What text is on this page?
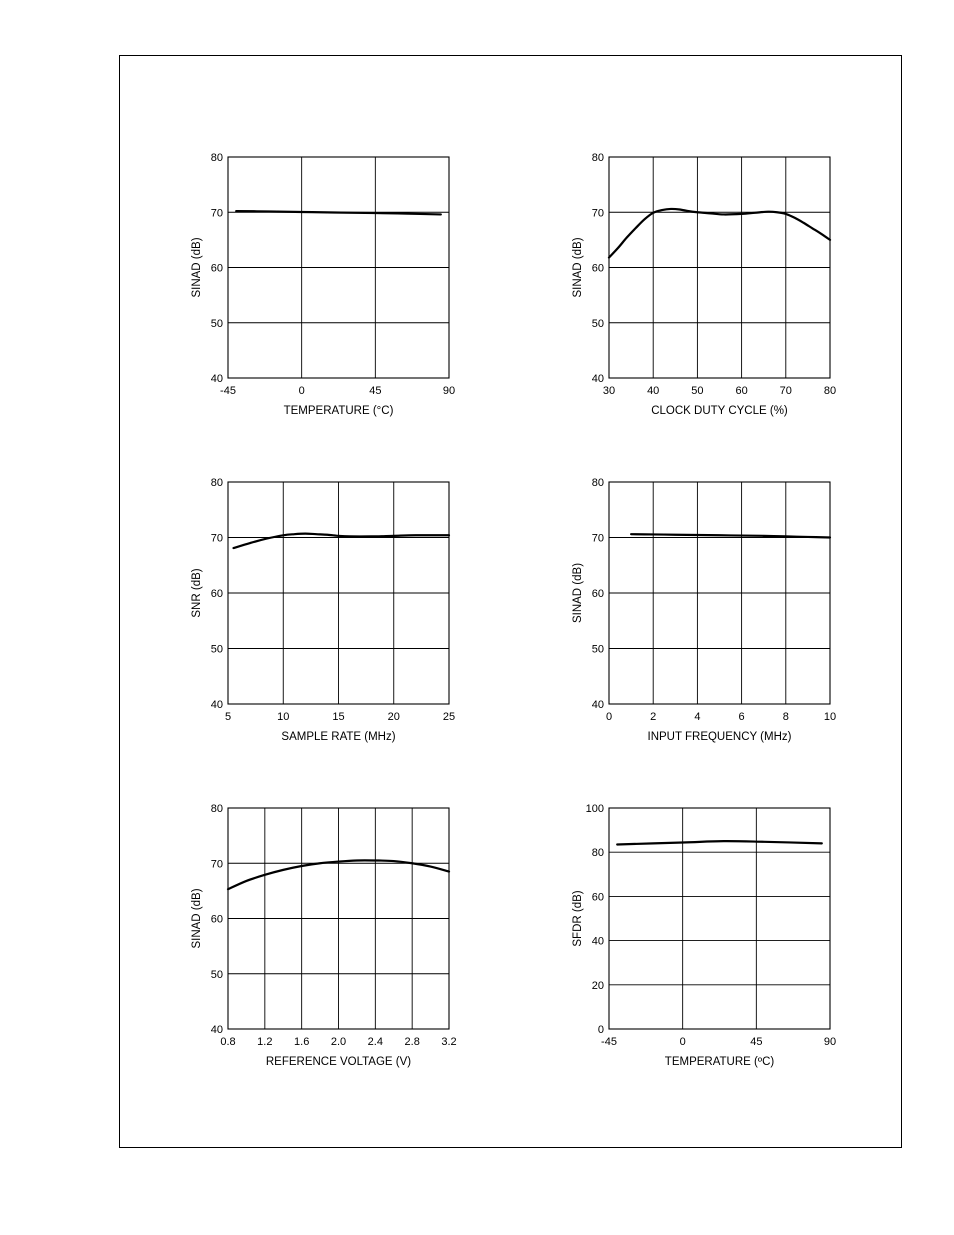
-45	0	45	90
40
50
60
70
80
TEMPERATURE (°C)
SINAD (dB)
30	40	50	60	70	80
40
50
60
70
80
CLOCK DUTY CYCLE (%)
SINAD (dB)
5	10	15	20	25
40
50
60
70
80
SAMPLE RATE (MHz)
SNR (dB)
0	2	4	6	8	10
40
50
60
70
80
INPUT FREQUENCY (MHz)
SINAD (dB)
0.8 1.2 1.6 2.0 2.4 2.8 3.2
40
50
60
70
80
REFERENCE VOLTAGE (V)
SINAD (dB)
-45	0	45	90
0
20
40
60
80
100
TEMPERATURE (ºC)
SFDR (dB)
